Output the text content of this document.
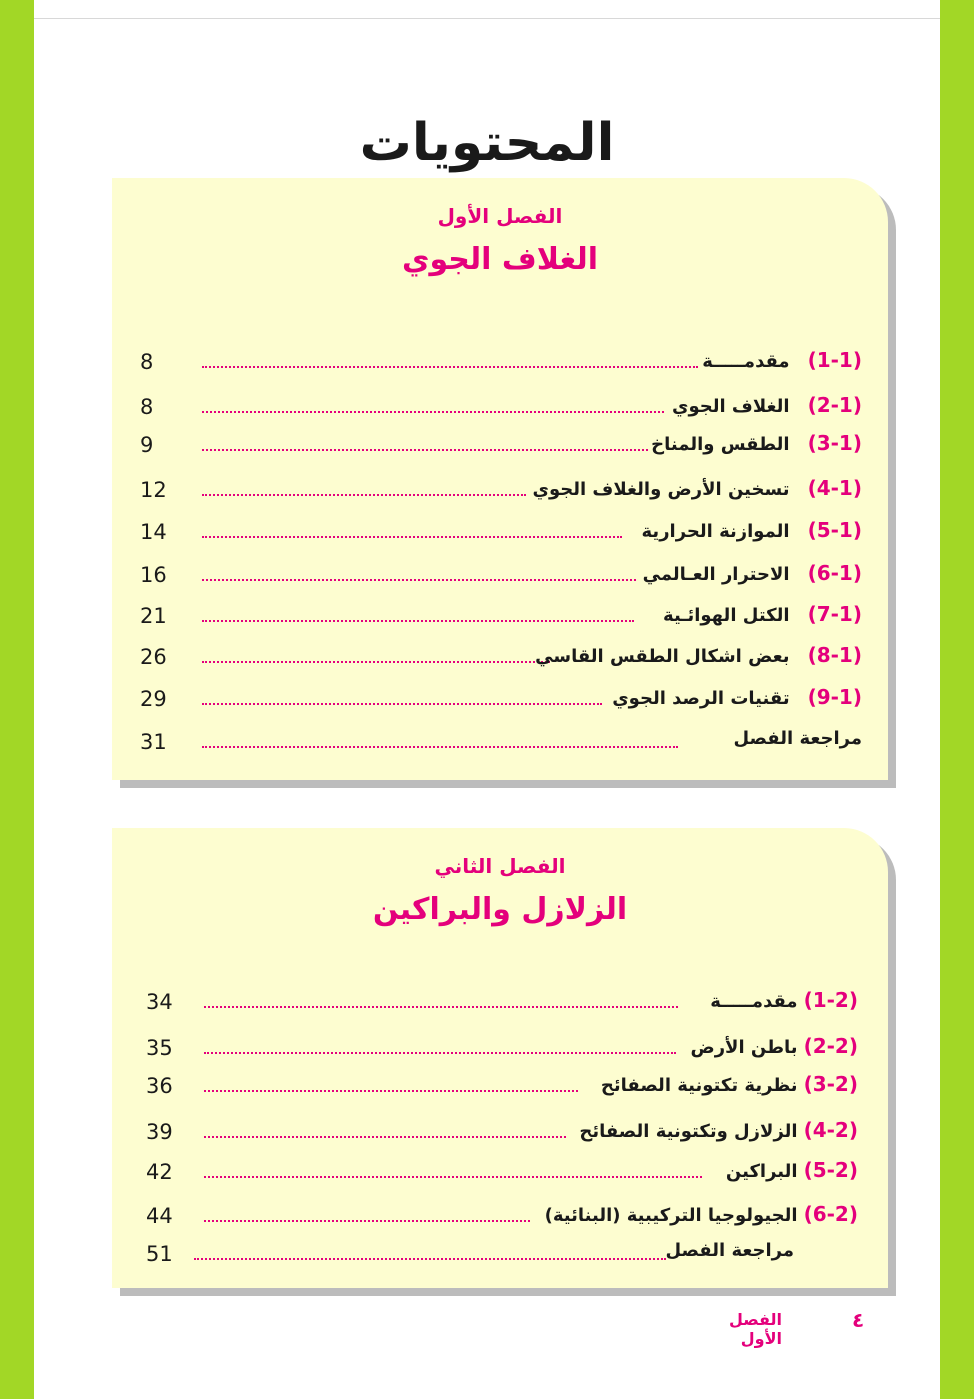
المحتويات
الفصل الأول
الغلاف الجوي
8	(1-1)مقدمـــــة
8	(2-1)الغلاف الجوي
9	(3-1)الطقس والمناخ
12	(4-1)تسخين الأرض والغلاف الجوي
14	(5-1)الموازنة الحرارية
16	(6-1)الاحترار العـالمي
21	(7-1)الكتل الهوائـية
26	(8-1)بعض اشكال الطقس القاسي
29	(9-1)تقنيات الرصد الجوي
31	مراجعة الفصل
الفصل الثاني
الزلازل والبراكين
34	(1-2)مقدمـــــة
35	(2-2)باطن الأرض
36	(3-2)نظرية تكتونية الصفائح
39	(4-2)الزلازل وتكتونية الصفائح
42	(5-2)البراكين
44	(6-2)الجيولوجيا التركيبية (البنائية)
51	مراجعة الفصل
٤
الفصل الأول
